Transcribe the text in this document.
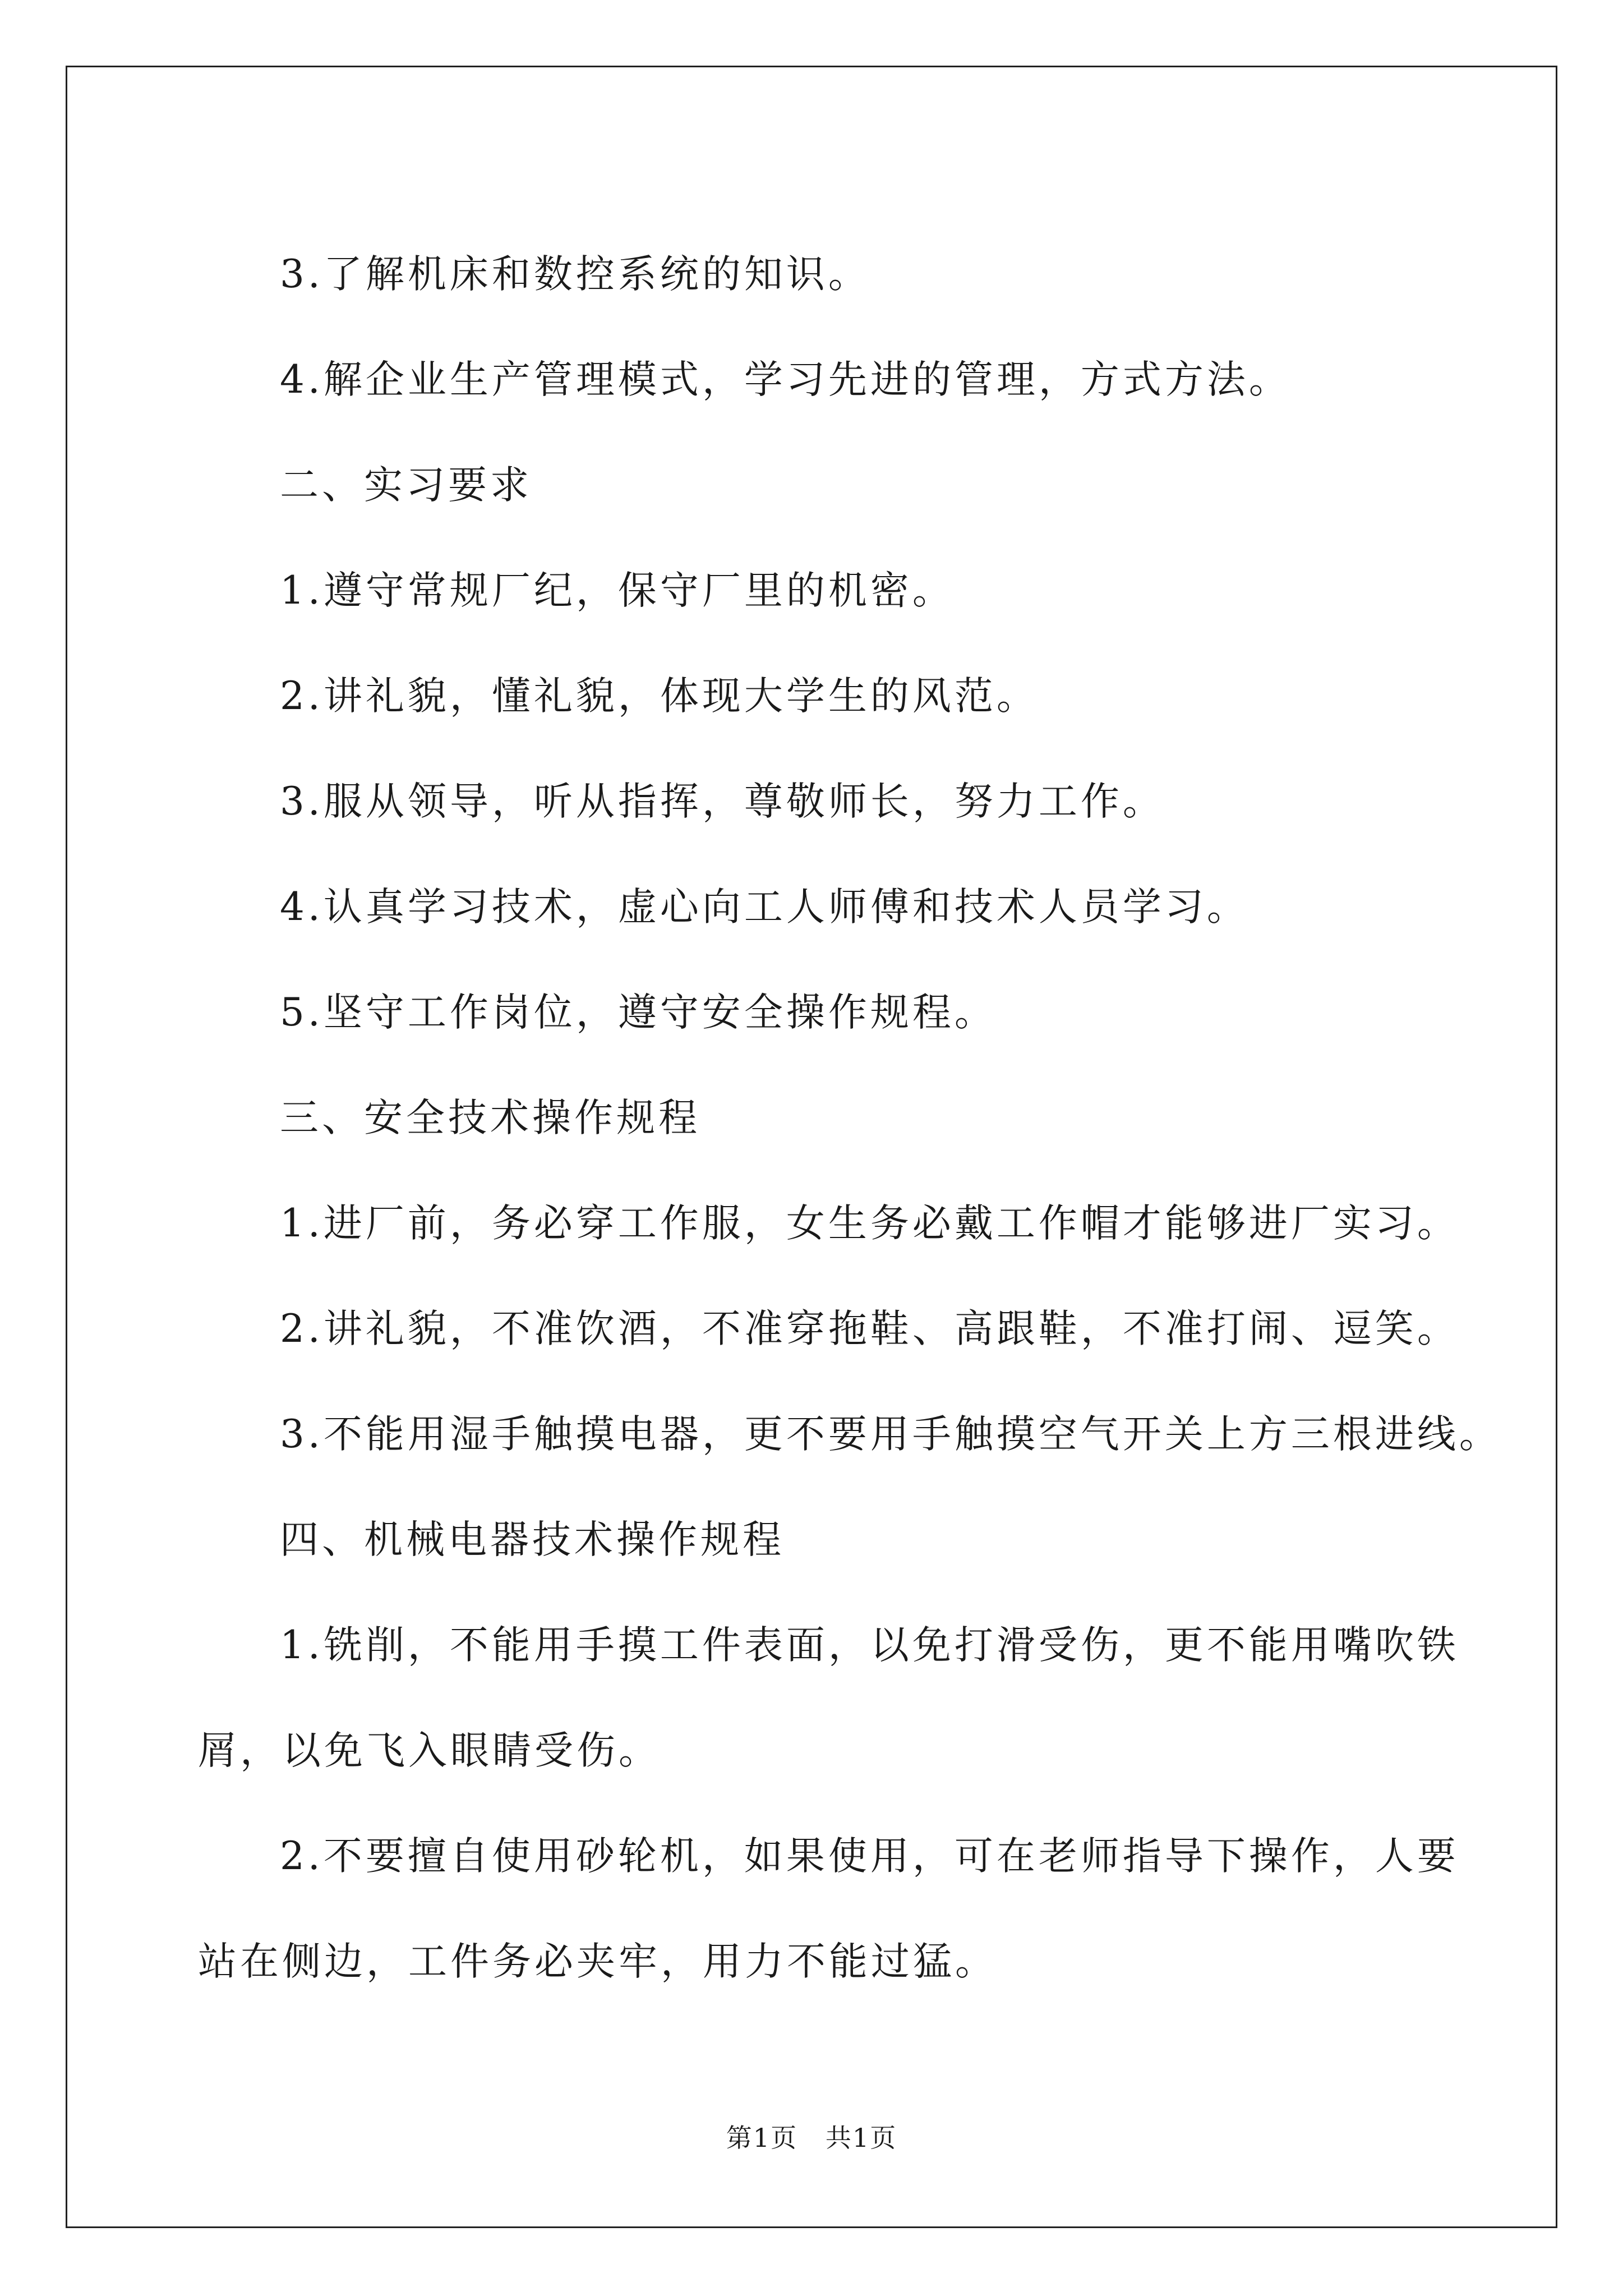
3.了解机床和数控系统的知识。

4.解企业生产管理模式，学习先进的管理，方式方法。

二、实习要求

1.遵守常规厂纪，保守厂里的机密。

2.讲礼貌，懂礼貌，体现大学生的风范。

3.服从领导，听从指挥，尊敬师长，努力工作。

4.认真学习技术，虚心向工人师傅和技术人员学习。

5.坚守工作岗位，遵守安全操作规程。

三、安全技术操作规程

1.进厂前，务必穿工作服，女生务必戴工作帽才能够进厂实习。

2.讲礼貌，不准饮酒，不准穿拖鞋、高跟鞋，不准打闹、逗笑。

3.不能用湿手触摸电器，更不要用手触摸空气开关上方三根进线。

四、机械电器技术操作规程

1.铣削，不能用手摸工件表面，以免打滑受伤，更不能用嘴吹铁

屑，以免飞入眼睛受伤。

2.不要擅自使用砂轮机，如果使用，可在老师指导下操作，人要

站在侧边，工件务必夹牢，用力不能过猛。

第1页   共1页
